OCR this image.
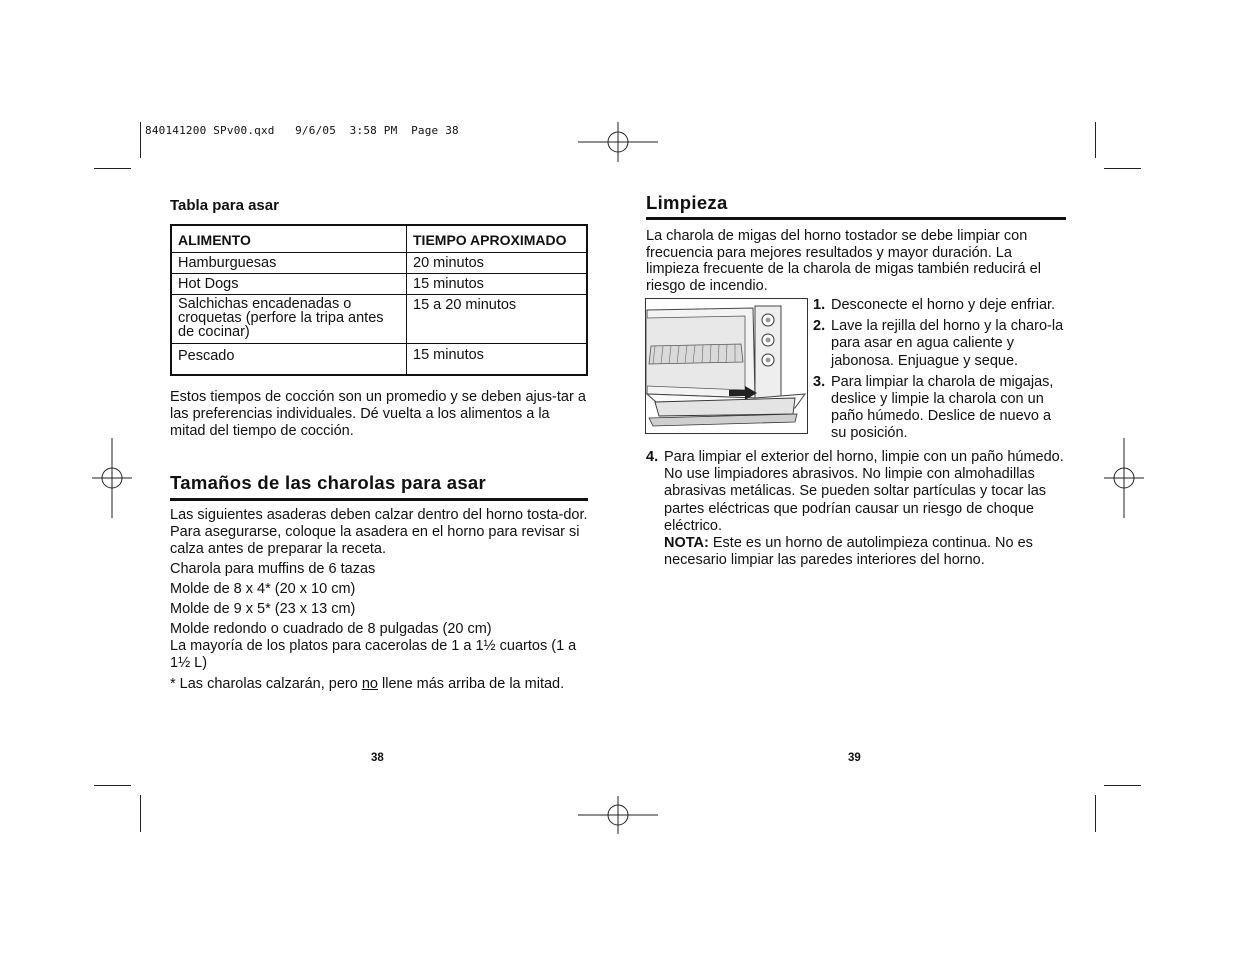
840141200 SPv00.qxd   9/6/05  3:58 PM  Page 38
Tabla para asar
ALIMENTO	TIEMPO APROXIMADO
Hamburguesas	20 minutos
Hot Dogs	15 minutos
Salchichas encadenadas o croquetas (perfore la tripa antes de cocinar)	15 a 20 minutos
Pescado	15 minutos

Estos tiempos de cocción son un promedio y se deben ajus-tar a las preferencias individuales. Dé vuelta a los alimentos a la mitad del tiempo de cocción.

Tamaños de las charolas para asar

Las siguientes asaderas deben calzar dentro del horno tosta-dor. Para asegurarse, coloque la asadera en el horno para revisar si calza antes de preparar la receta.

Charola para muffins de 6 tazas
Molde de 8 x 4* (20 x 10 cm)
Molde de 9 x 5* (23 x 13 cm)
Molde redondo o cuadrado de 8 pulgadas (20 cm)
La mayoría de los platos para cacerolas de 1 a 1½ cuartos (1 a 1½ L)
* Las charolas calzarán, pero no llene más arriba de la mitad.
38
Limpieza

La charola de migas del horno tostador se debe limpiar con frecuencia para mejores resultados y mayor duración. La limpieza frecuente de la charola de migas también reducirá el riesgo de incendio.

1. Desconecte el horno y deje enfriar.
2. Lave la rejilla del horno y la charo-la para asar en agua caliente y jabonosa. Enjuague y seque.
3. Para limpiar la charola de migajas, deslice y limpie la charola con un paño húmedo. Deslice de nuevo a su posición.
4. Para limpiar el exterior del horno, limpie con un paño húmedo. No use limpiadores abrasivos. No limpie con almohadillas abrasivas metálicas. Se pueden soltar partículas y tocar las partes eléctricas que podrían causar un riesgo de choque eléctrico.
NOTA: Este es un horno de autolimpieza continua. No es necesario limpiar las paredes interiores del horno.
39
